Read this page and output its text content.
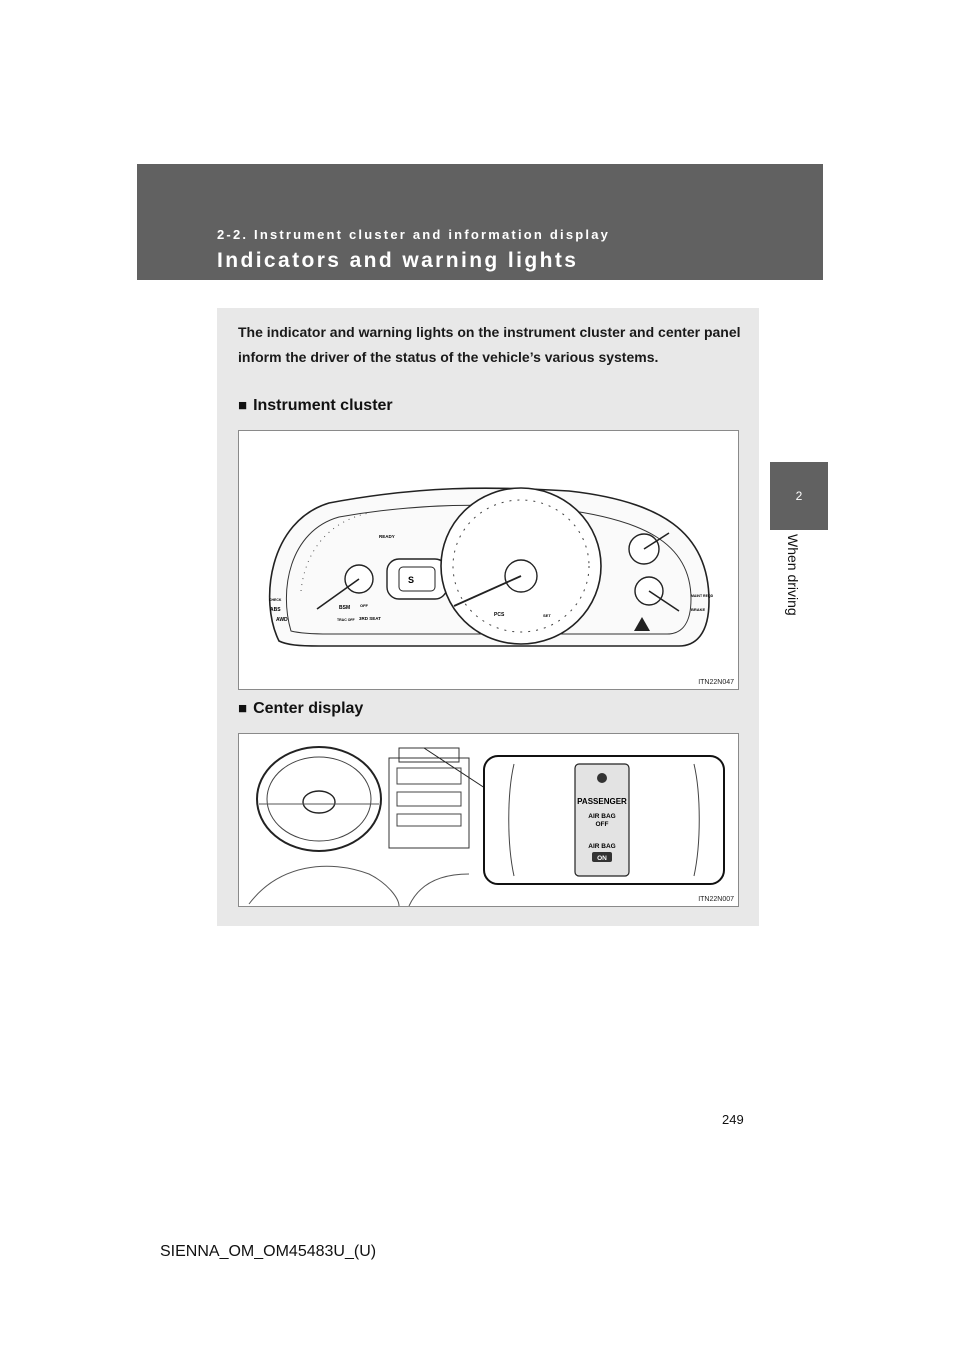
2-2. Instrument cluster and information display
Indicators and warning lights
2
When driving
The indicator and warning lights on the instrument cluster and center panel inform the driver of the status of the vehicle’s various systems.
■ Instrument cluster
S
READY
ABS
AWD
CHECK
BSM OFF
TRAC OFF 3RD SEAT
PCS	SET
MAINT REQD
BRAKE
ITN22N047
■ Center display
PASSENGER
AIR BAG
OFF
AIR BAG
ON
ITN22N007
249
SIENNA_OM_OM45483U_(U)
